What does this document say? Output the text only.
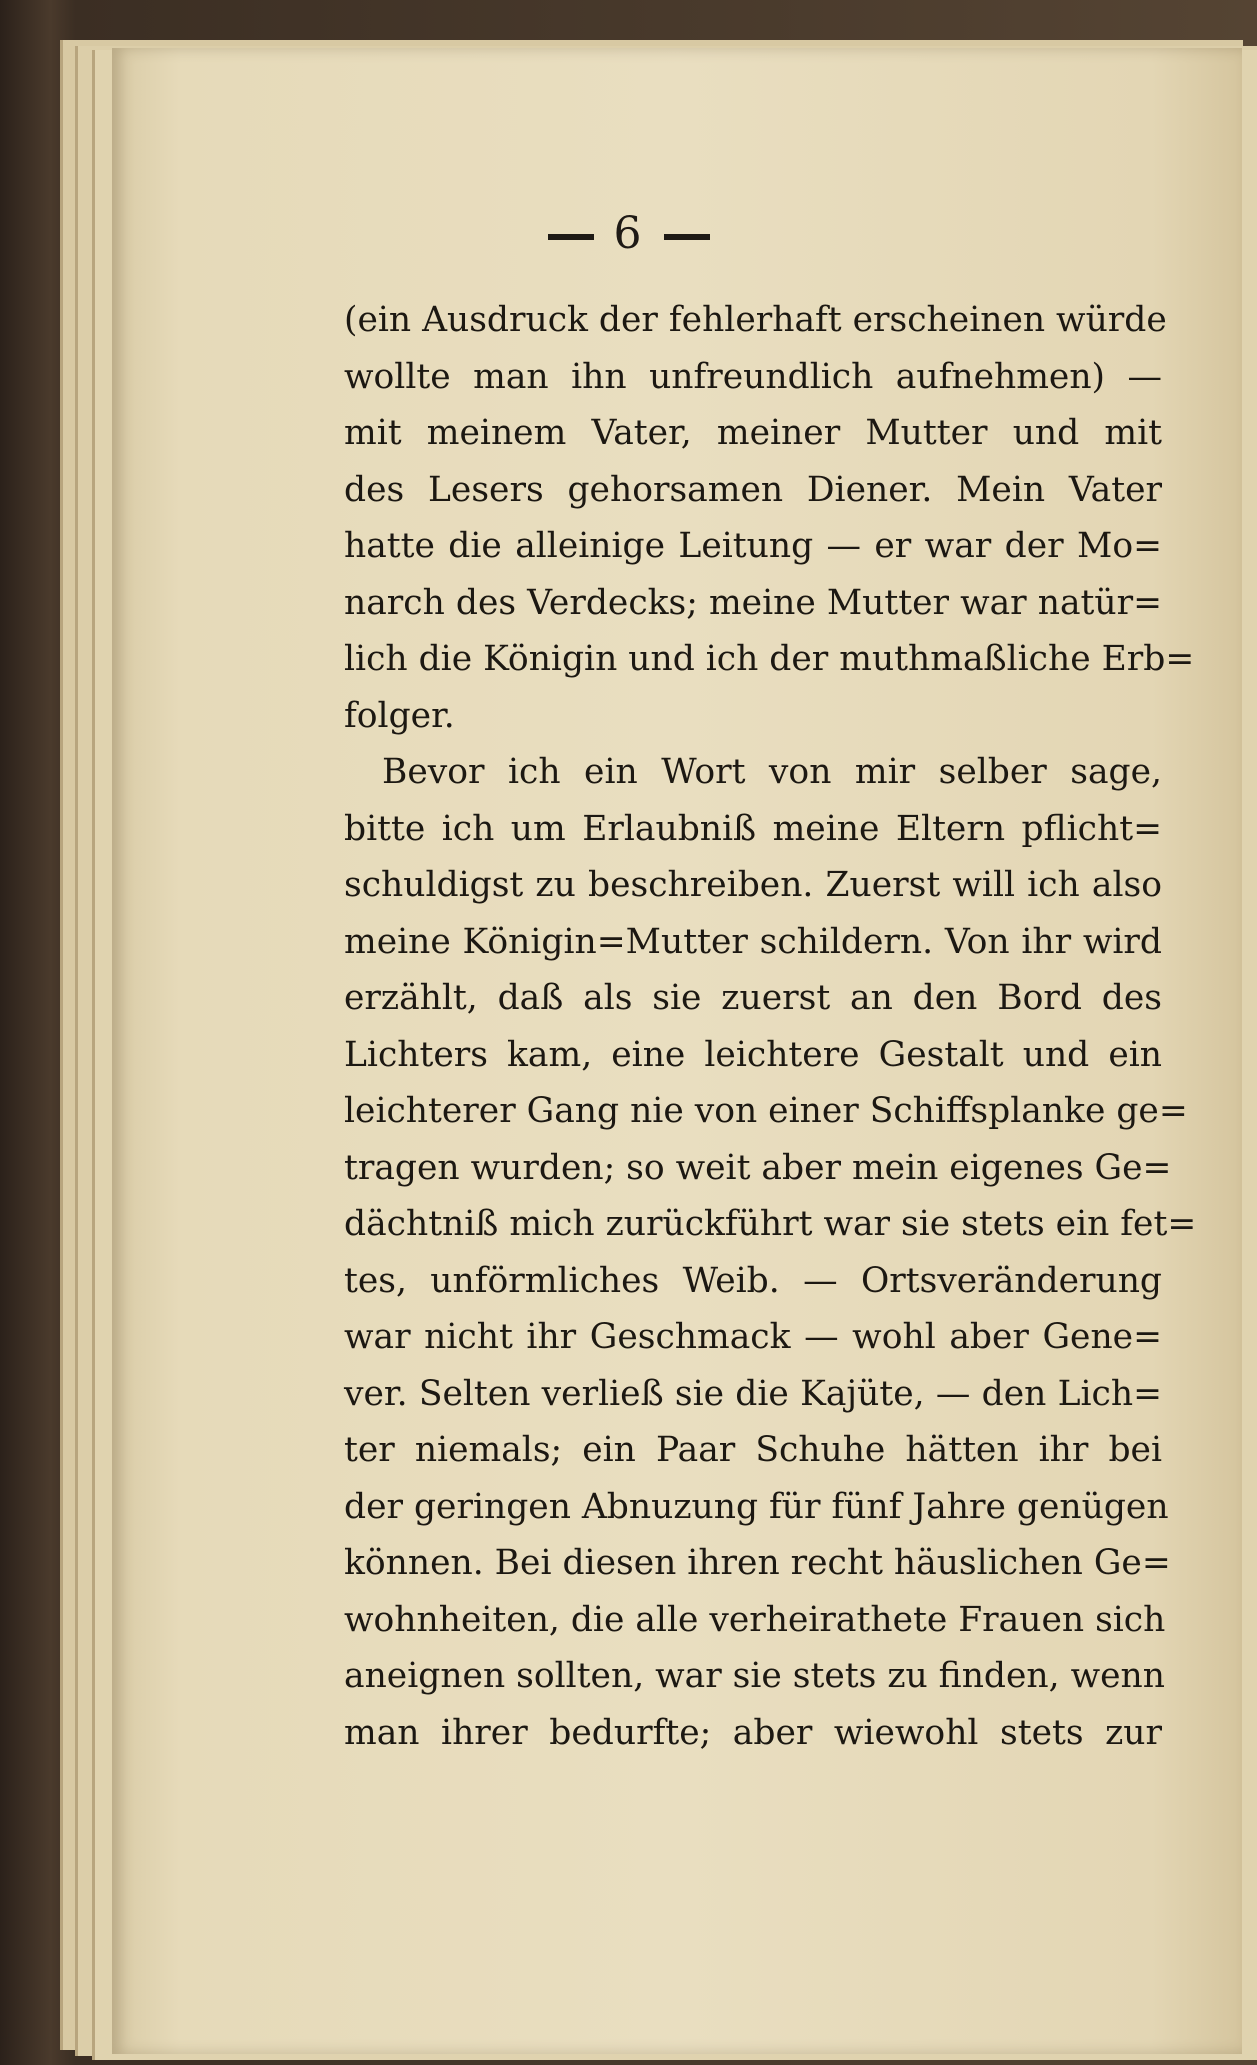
6
(ein Ausdruck der fehlerhaft erscheinen würde
wollte man ihn unfreundlich aufnehmen) —
mit meinem Vater, meiner Mutter und mit
des Lesers gehorsamen Diener. Mein Vater
hatte die alleinige Leitung — er war der Mo=
narch des Verdecks; meine Mutter war natür=
lich die Königin und ich der muthmaßliche Erb=
folger.
Bevor ich ein Wort von mir selber sage,
bitte ich um Erlaubniß meine Eltern pflicht=
schuldigst zu beschreiben. Zuerst will ich also
meine Königin=Mutter schildern. Von ihr wird
erzählt, daß als sie zuerst an den Bord des
Lichters kam, eine leichtere Gestalt und ein
leichterer Gang nie von einer Schiffsplanke ge=
tragen wurden; so weit aber mein eigenes Ge=
dächtniß mich zurückführt war sie stets ein fet=
tes, unförmliches Weib. — Ortsveränderung
war nicht ihr Geschmack — wohl aber Gene=
ver. Selten verließ sie die Kajüte, — den Lich=
ter niemals; ein Paar Schuhe hätten ihr bei
der geringen Abnuzung für fünf Jahre genügen
können. Bei diesen ihren recht häuslichen Ge=
wohnheiten, die alle verheirathete Frauen sich
aneignen sollten, war sie stets zu finden, wenn
man ihrer bedurfte; aber wiewohl stets zur
